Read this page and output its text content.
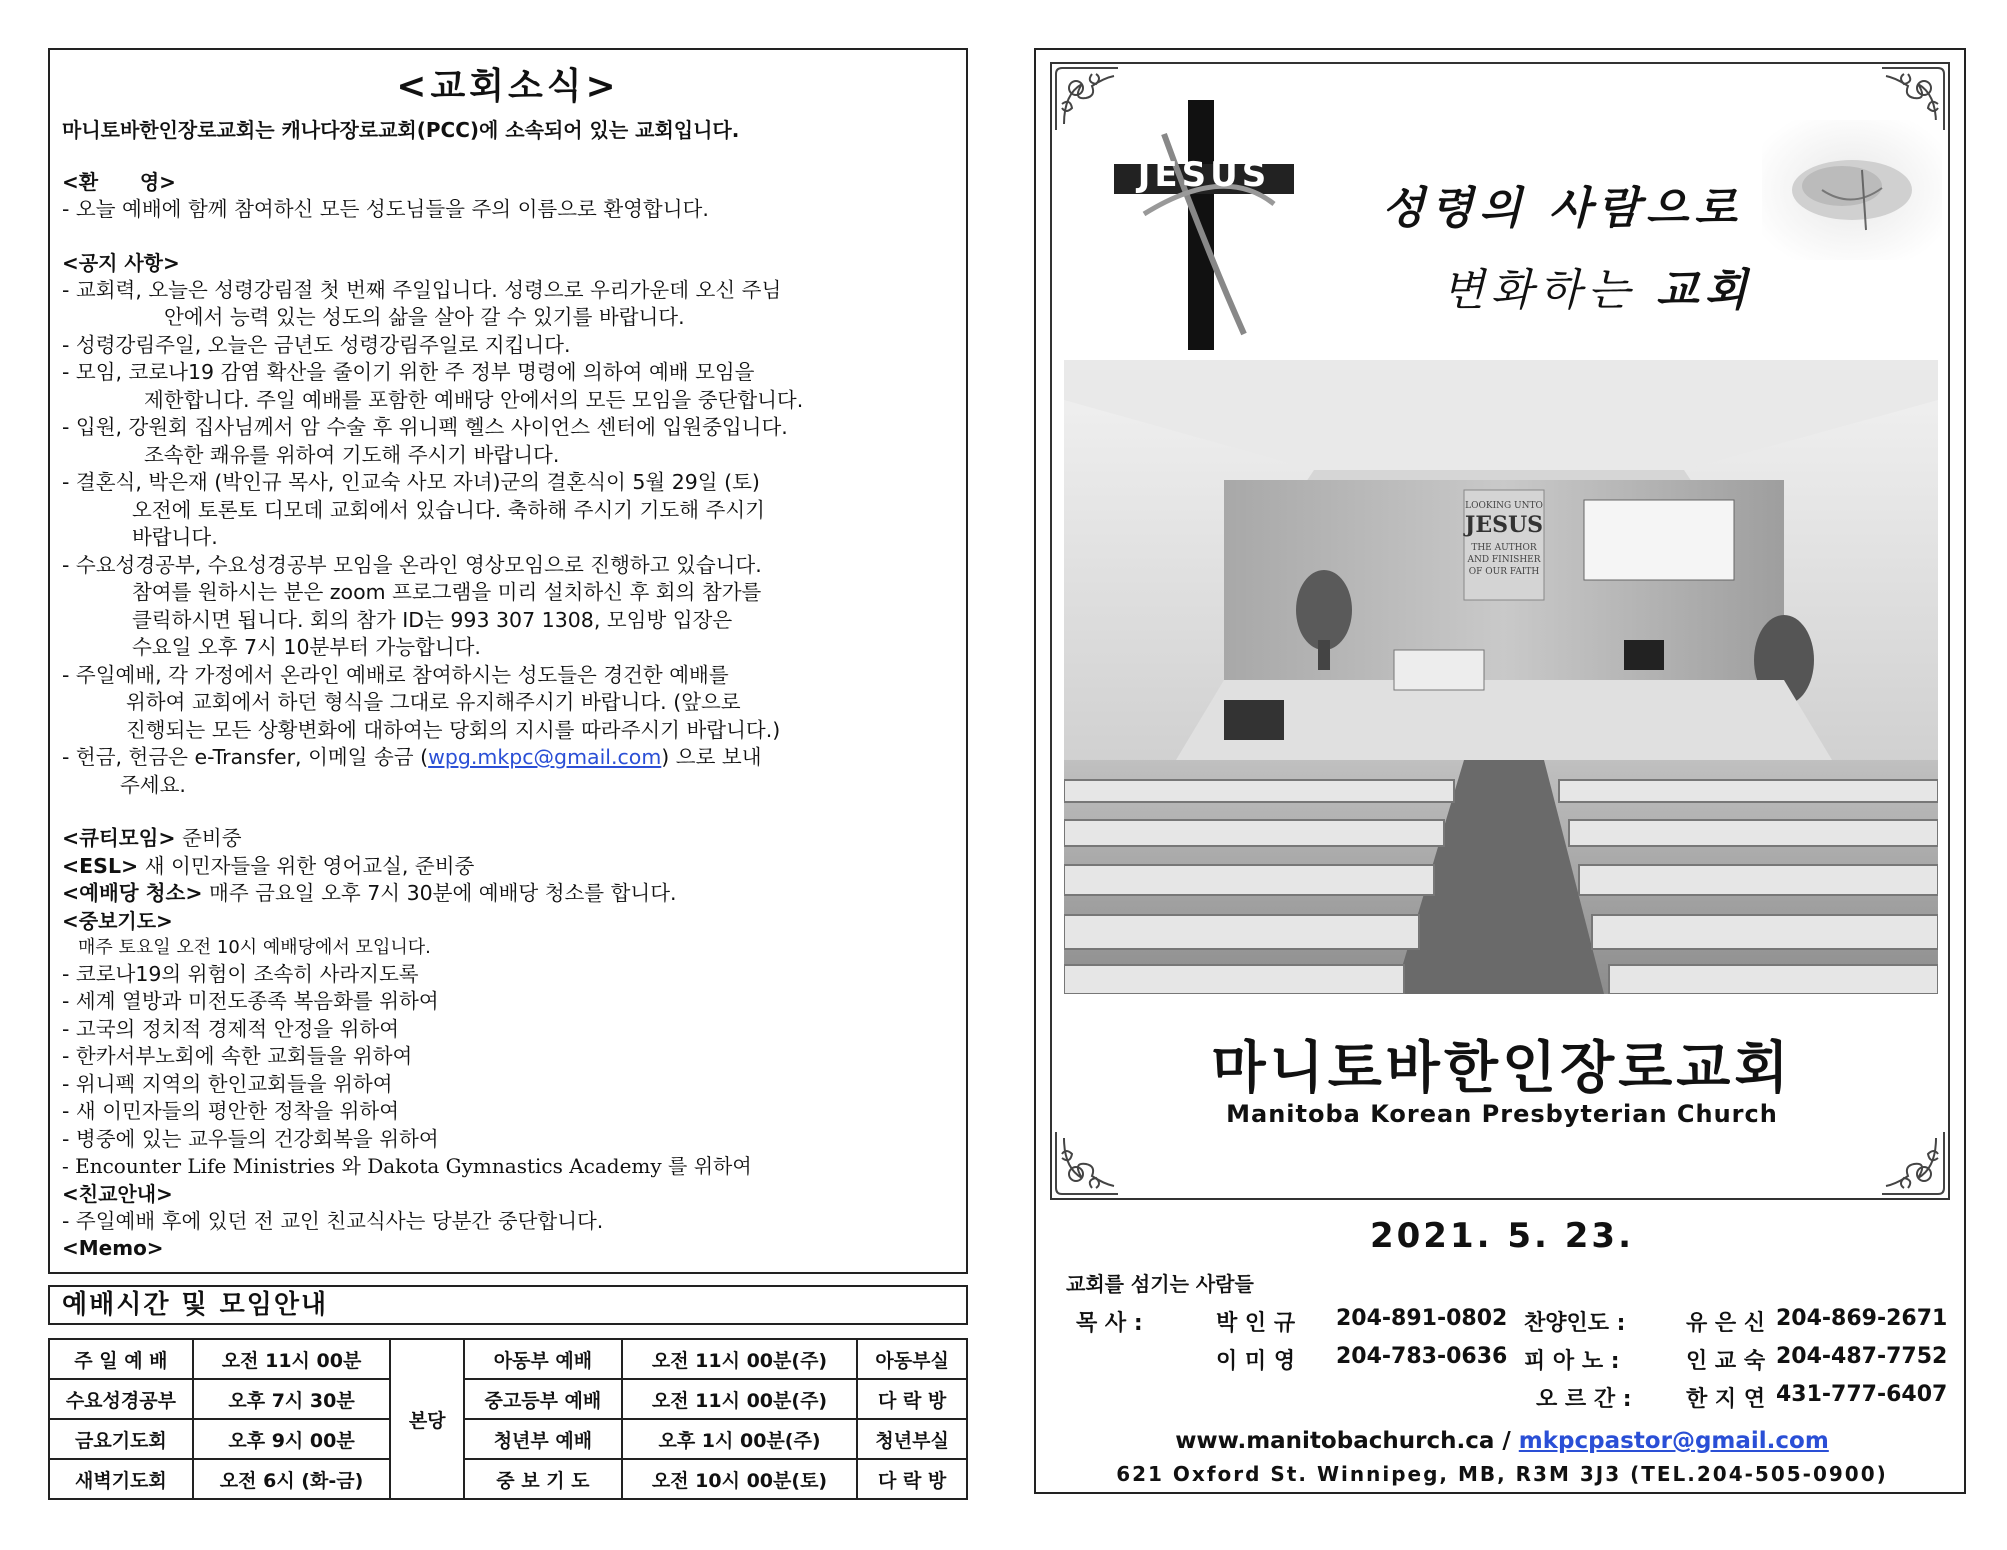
<교회소식>
마니토바한인장로교회는 캐나다장로교회(PCC)에 소속되어 있는 교회입니다.
<환      영>
- 오늘 예배에 함께 참여하신 모든 성도님들을 주의 이름으로 환영합니다.
<공지 사항>
- 교회력, 오늘은 성령강림절 첫 번째 주일입니다. 성령으로 우리가운데 오신 주님
안에서 능력 있는 성도의 삶을 살아 갈 수 있기를 바랍니다.
- 성령강림주일, 오늘은 금년도 성령강림주일로 지킵니다.
- 모임, 코로나19 감염 확산을 줄이기 위한 주 정부 명령에 의하여 예배 모임을
제한합니다. 주일 예배를 포함한 예배당 안에서의 모든 모임을 중단합니다.
- 입원, 강원회 집사님께서 암 수술 후 위니펙 헬스 사이언스 센터에 입원중입니다.
조속한 쾌유를 위하여 기도해 주시기 바랍니다.
- 결혼식, 박은재 (박인규 목사, 인교숙 사모 자녀)군의 결혼식이 5월 29일 (토)
오전에 토론토 디모데 교회에서 있습니다. 축하해 주시기 기도해 주시기
바랍니다.
- 수요성경공부, 수요성경공부 모임을 온라인 영상모임으로 진행하고 있습니다.
참여를 원하시는 분은 zoom 프로그램을 미리 설치하신 후 회의 참가를
클릭하시면 됩니다. 회의 참가 ID는 993 307 1308, 모임방 입장은
수요일 오후 7시 10분부터 가능합니다.
- 주일예배, 각 가정에서 온라인 예배로 참여하시는 성도들은 경건한 예배를
위하여 교회에서 하던 형식을 그대로 유지해주시기 바랍니다. (앞으로
진행되는 모든 상황변화에 대하여는 당회의 지시를 따라주시기 바랍니다.)
- 헌금, 헌금은 e-Transfer, 이메일 송금 (wpg.mkpc@gmail.com) 으로 보내
주세요.
<큐티모임> 준비중
<ESL> 새 이민자들을 위한 영어교실, 준비중
<예배당 청소> 매주 금요일 오후 7시 30분에 예배당 청소를 합니다.
<중보기도>
매주 토요일 오전 10시 예배당에서 모입니다.
- 코로나19의 위험이 조속히 사라지도록
- 세계 열방과 미전도종족 복음화를 위하여
- 고국의 정치적 경제적 안정을 위하여
- 한카서부노회에 속한 교회들을 위하여
- 위니펙 지역의 한인교회들을 위하여
- 새 이민자들의 평안한 정착을 위하여
- 병중에 있는 교우들의 건강회복을 위하여
- Encounter Life Ministries 와 Dakota Gymnastics Academy 를 위하여
<친교안내>
- 주일예배 후에 있던 전 교인 친교식사는 당분간 중단합니다.
<Memo>
예배시간 및 모임안내
주 일 예 배	오전 11시 00분	본당	아동부 예배	오전 11시 00분(주)	아동부실
수요성경공부	오후 7시 30분		중고등부 예배	오전 11시 00분(주)	다 락 방
금요기도회	오후 9시 00분		청년부 예배	오후 1시 00분(주)	청년부실
새벽기도회	오전 6시 (화-금)		중 보 기 도	오전 10시 00분(토)	다 락 방
JESUS
성령의 사람으로
변화하는 교회
LOOKING UNTO
JESUS
THE AUTHOR
AND FINISHER
OF OUR FAITH
마니토바한인장로교회
Manitoba Korean Presbyterian Church
2021. 5. 23.
교회를 섬기는 사람들
목 사 :	박 인 규 204-891-0802 찬양인도 :	유 은 신 204-869-2671
이 미 영 204-783-0636 피 아 노 :	인 교 숙 204-487-7752
오 르 간 : 한 지 연 431-777-6407
www.manitobachurch.ca / mkpcpastor@gmail.com
621 Oxford St. Winnipeg, MB, R3M 3J3 (TEL.204-505-0900)
